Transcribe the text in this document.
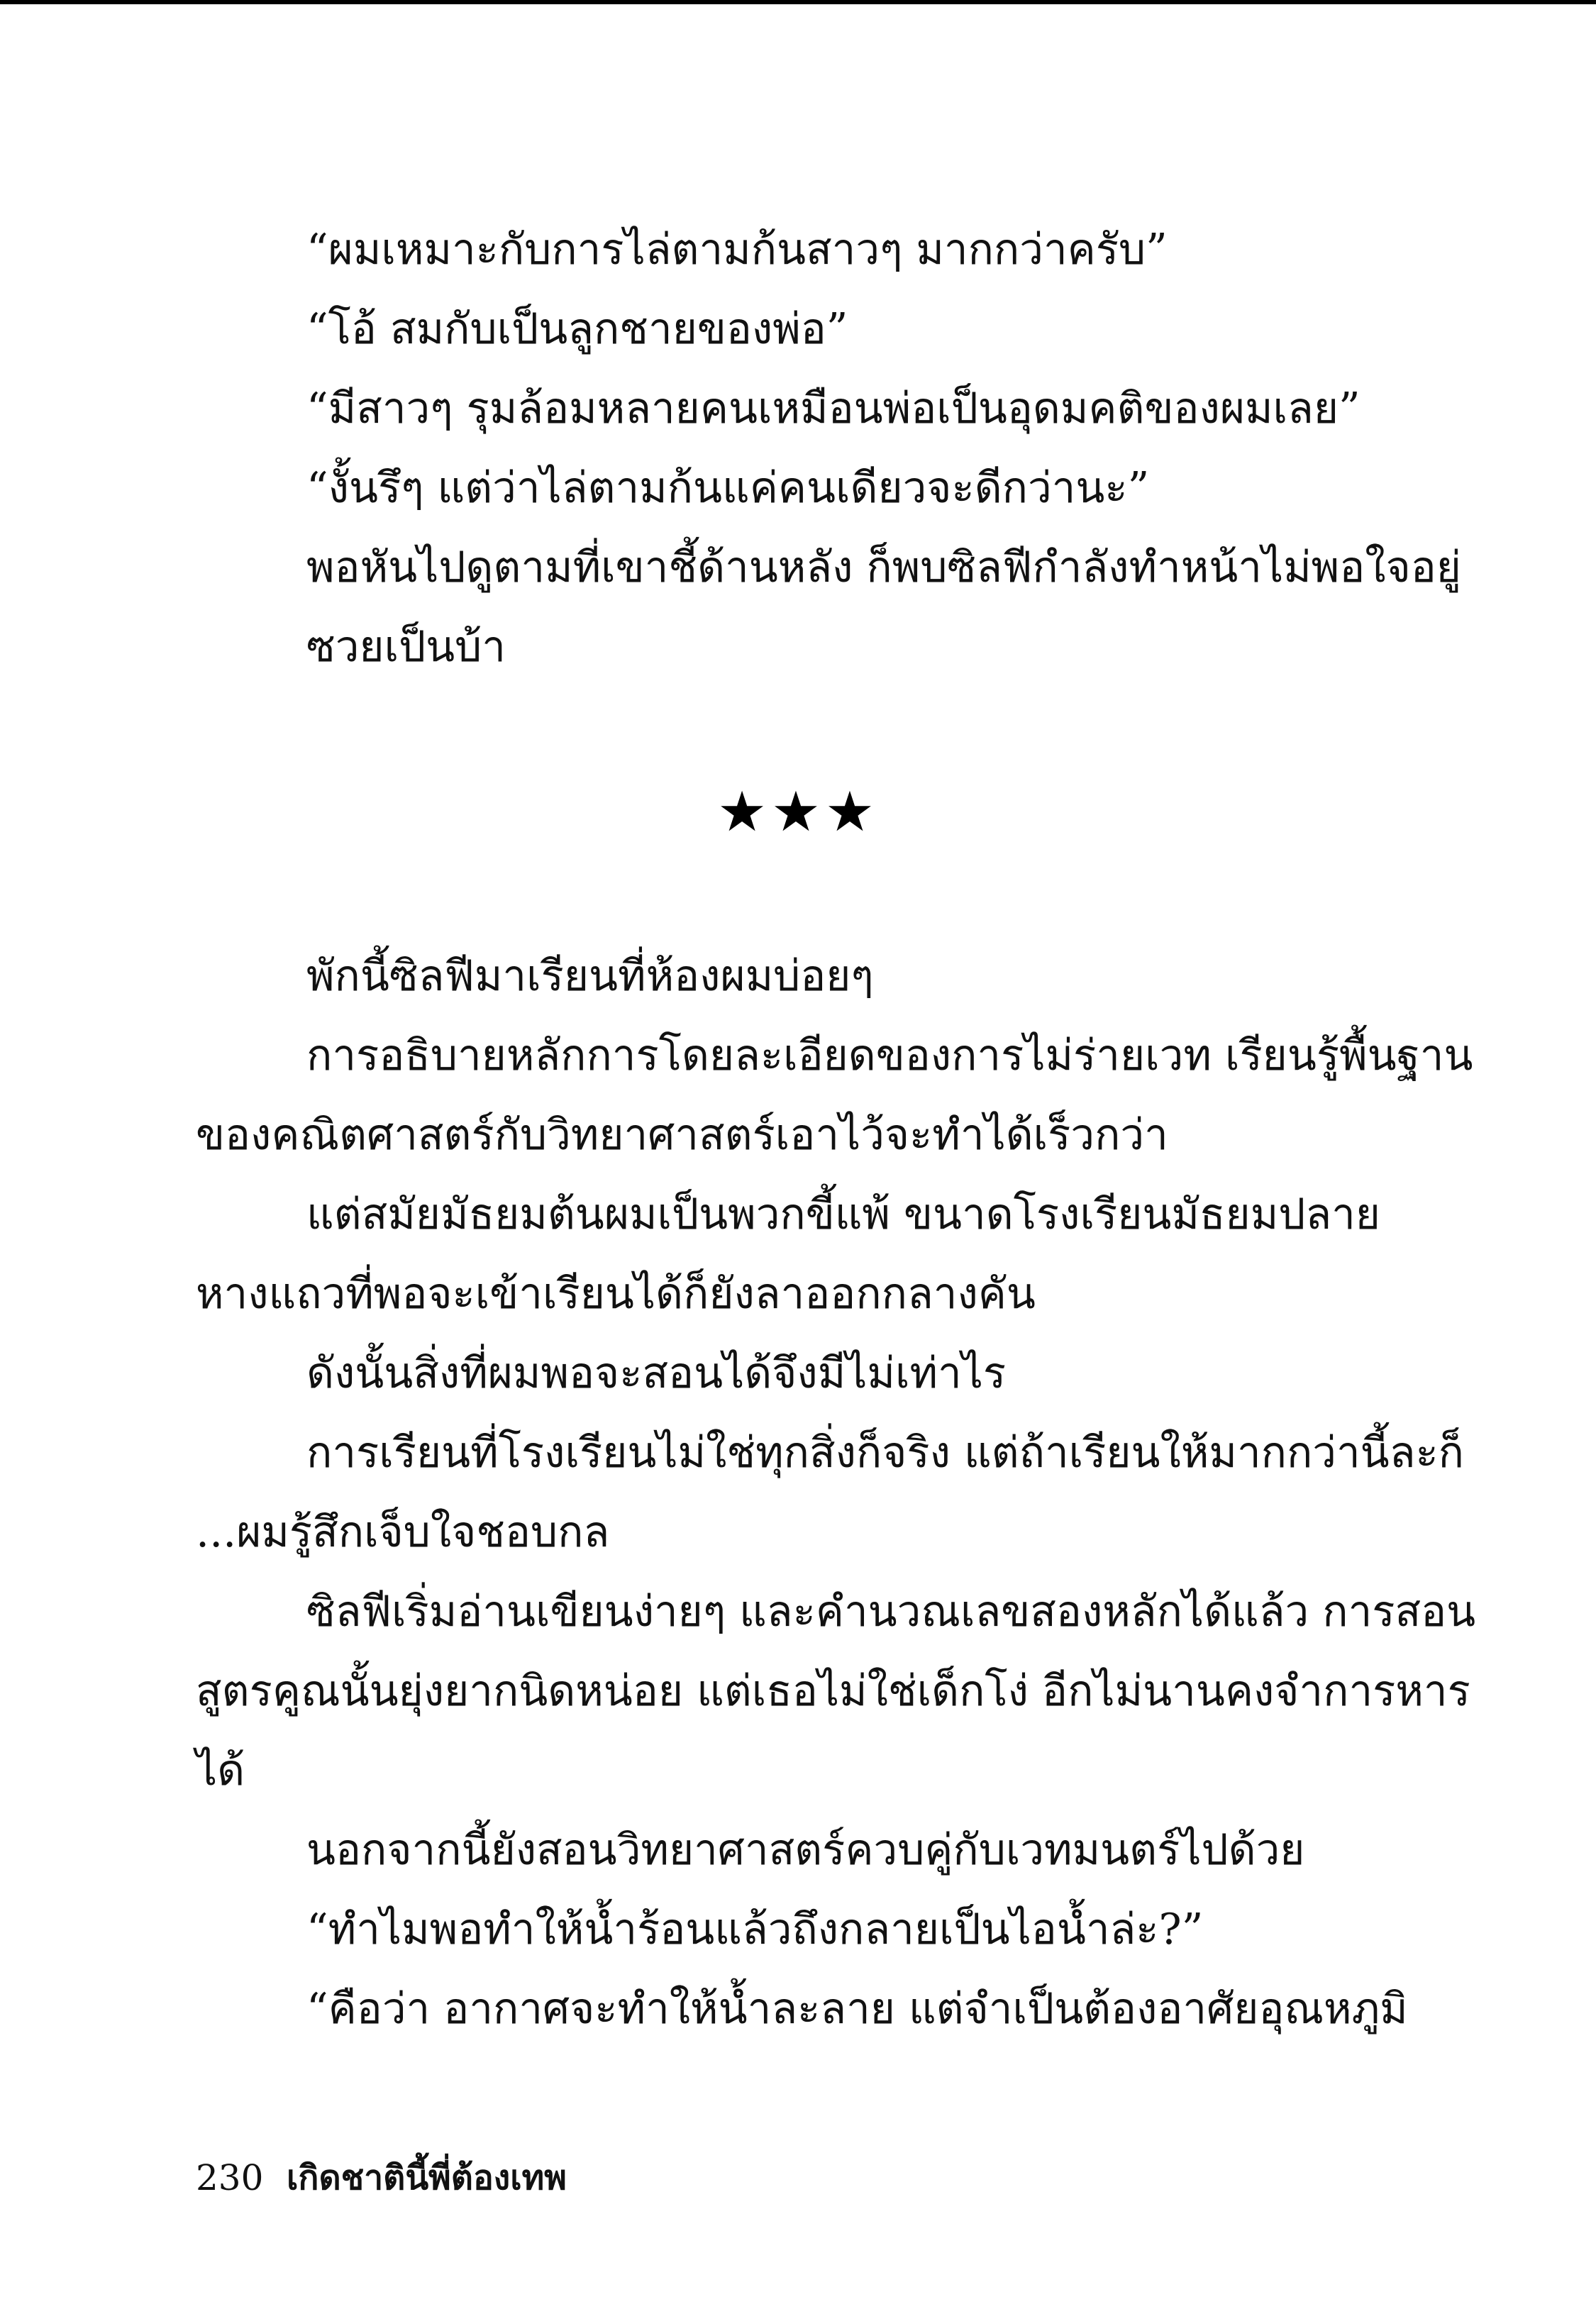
“ผมเหมาะกับการไล่ตามก้นสาวๆ มากกว่าครับ”
“โอ้ สมกับเป็นลูกชายของพ่อ”
“มีสาวๆ รุมล้อมหลายคนเหมือนพ่อเป็นอุดมคติของผมเลย”
“งั้นรึๆ แต่ว่าไล่ตามก้นแค่คนเดียวจะดีกว่านะ”
พอหันไปดูตามที่เขาชี้ด้านหลัง ก็พบซิลฟีกำลังทำหน้าไม่พอใจอยู่
ซวยเป็นบ้า
★★★
พักนี้ซิลฟีมาเรียนที่ห้องผมบ่อยๆ
การอธิบายหลักการโดยละเอียดของการไม่ร่ายเวท เรียนรู้พื้นฐาน
ของคณิตศาสตร์กับวิทยาศาสตร์เอาไว้จะทำได้เร็วกว่า
แต่สมัยมัธยมต้นผมเป็นพวกขี้แพ้ ขนาดโรงเรียนมัธยมปลาย
หางแถวที่พอจะเข้าเรียนได้ก็ยังลาออกกลางคัน
ดังนั้นสิ่งที่ผมพอจะสอนได้จึงมีไม่เท่าไร
การเรียนที่โรงเรียนไม่ใช่ทุกสิ่งก็จริง แต่ถ้าเรียนให้มากกว่านี้ละก็
...ผมรู้สึกเจ็บใจชอบกล
ซิลฟีเริ่มอ่านเขียนง่ายๆ และคำนวณเลขสองหลักได้แล้ว การสอน
สูตรคูณนั้นยุ่งยากนิดหน่อย แต่เธอไม่ใช่เด็กโง่ อีกไม่นานคงจำการหาร
ได้
นอกจากนี้ยังสอนวิทยาศาสตร์ควบคู่กับเวทมนตร์ไปด้วย
“ทำไมพอทำให้น้ำร้อนแล้วถึงกลายเป็นไอน้ำล่ะ?”
“คือว่า อากาศจะทำให้น้ำละลาย แต่จำเป็นต้องอาศัยอุณหภูมิ
230 เกิดชาตินี้พี่ต้องเทพ
